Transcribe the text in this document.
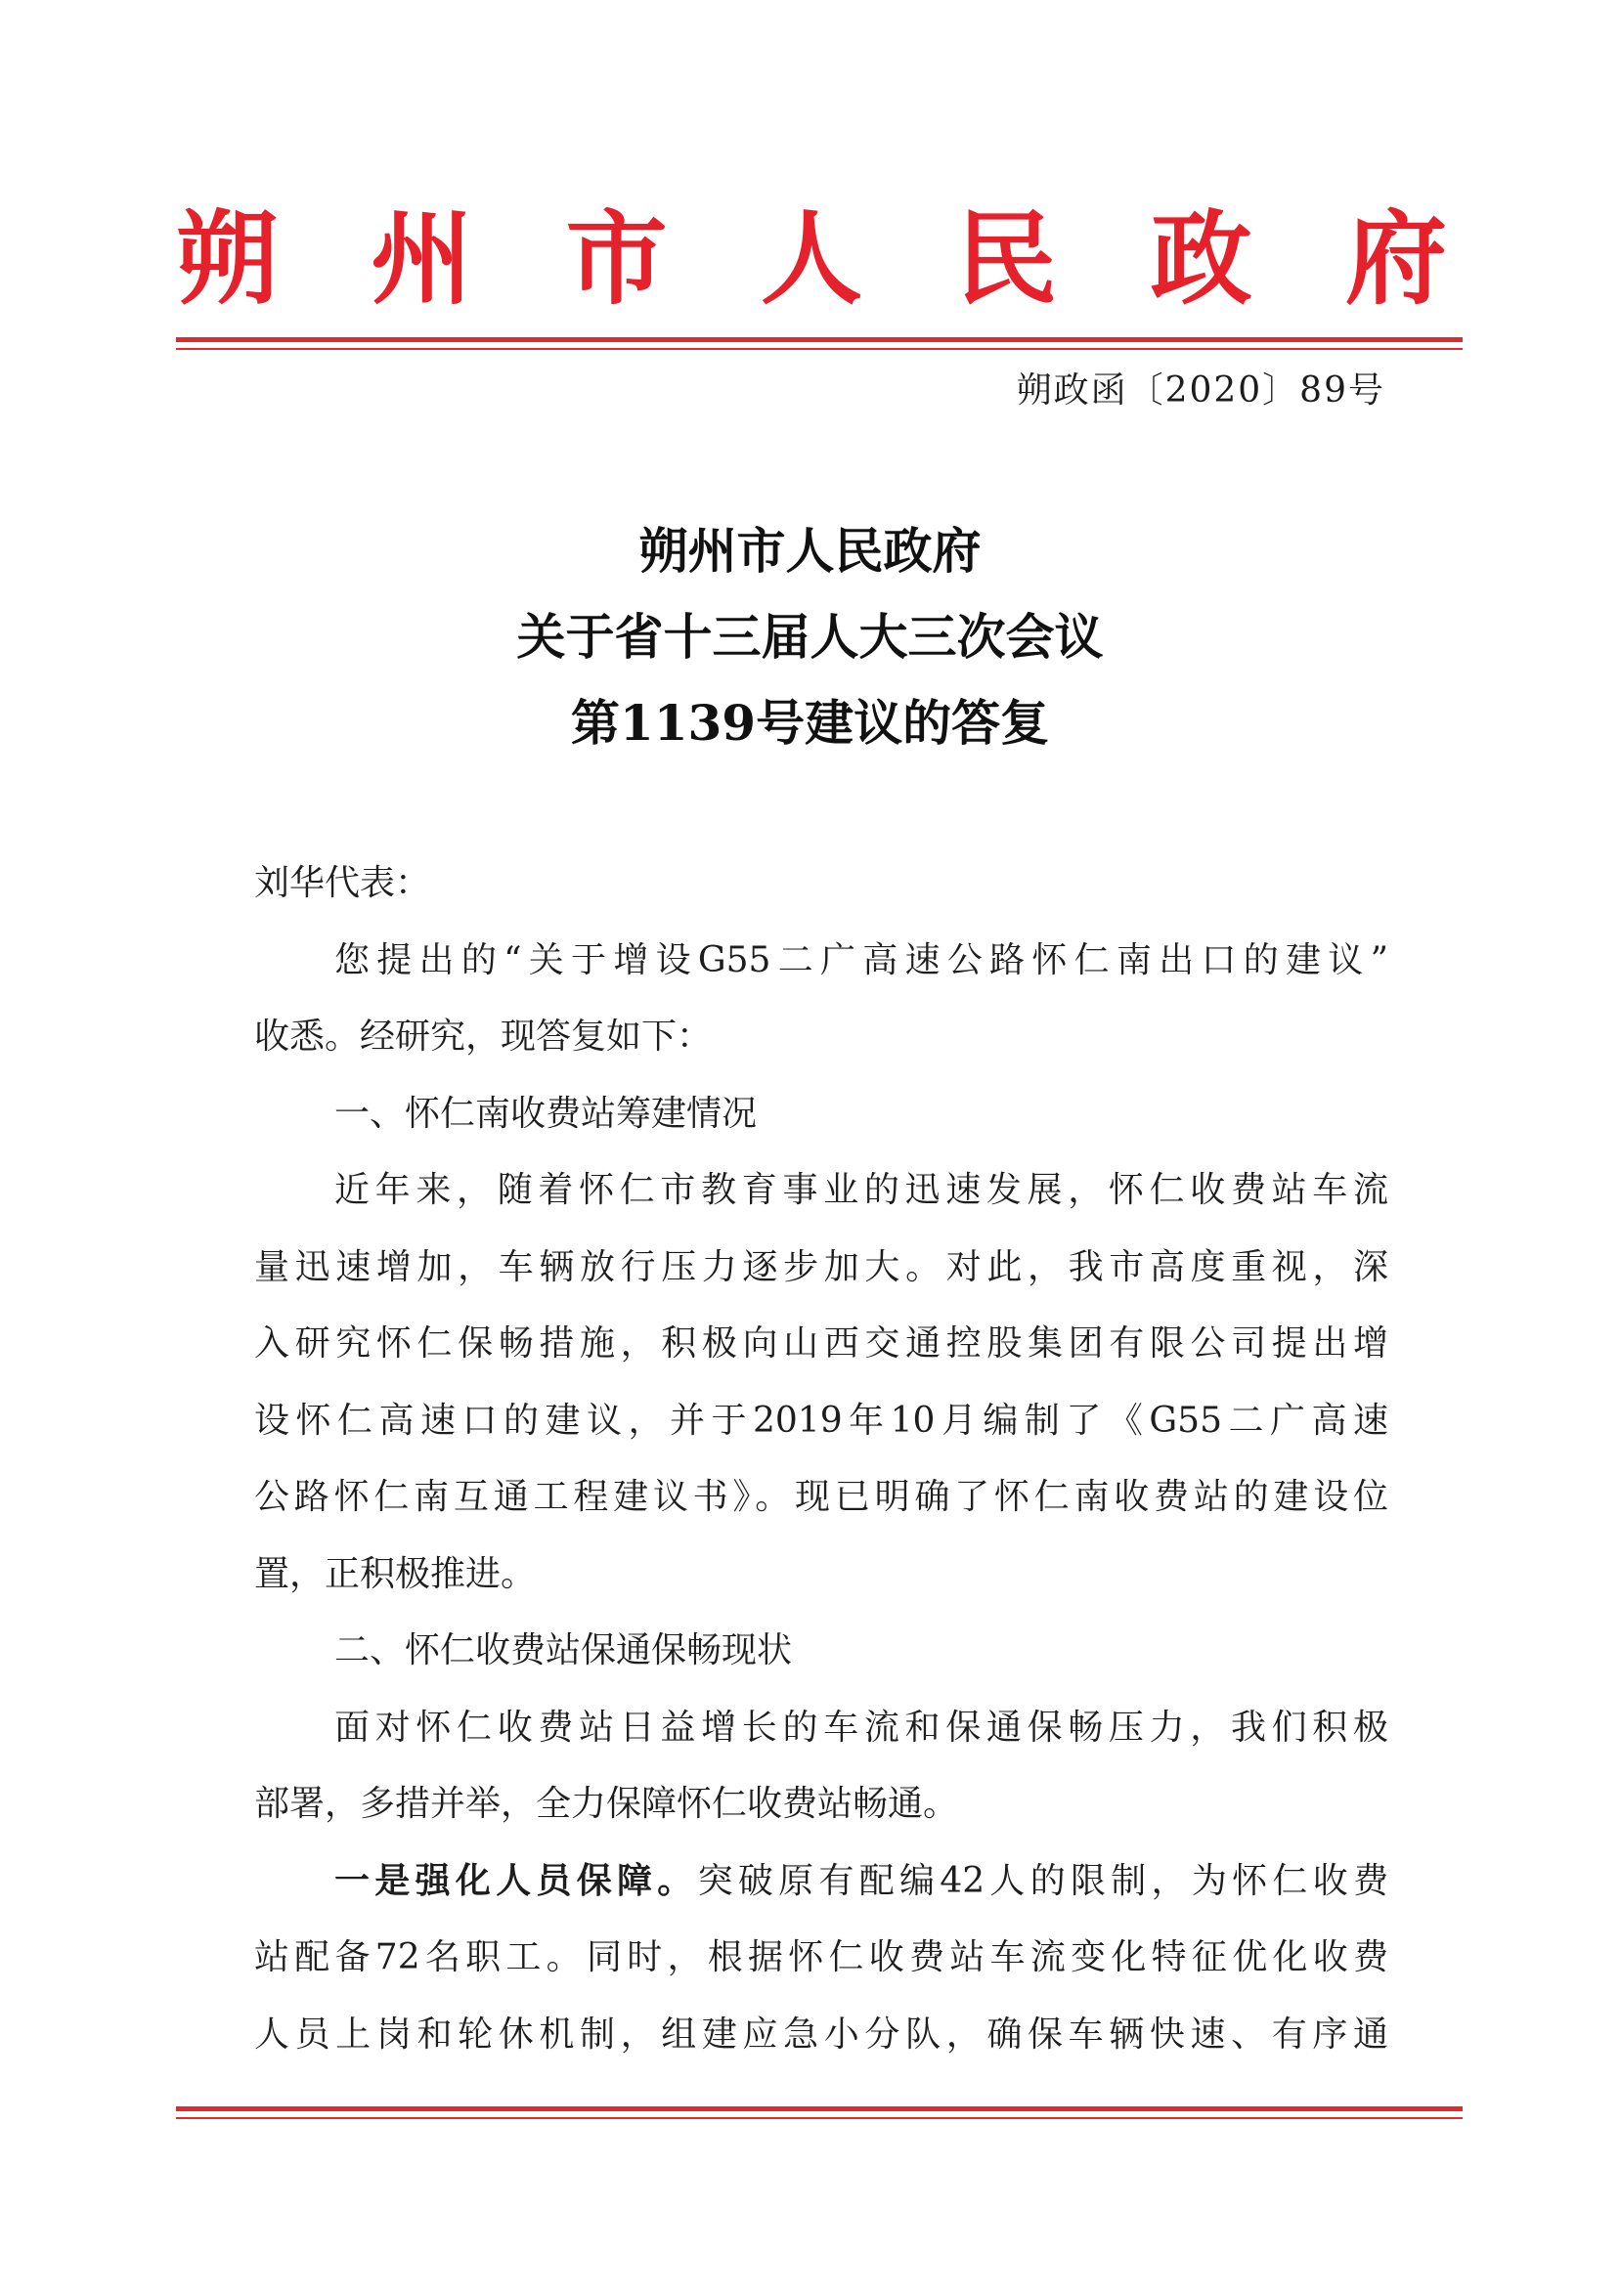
朔 州 市 人 民 政 府
朔政函〔2020〕89号
朔州市人民政府
关于省十三届人大三次会议
第1139号建议的答复
刘华代表：
您提出的“关于增设G55二广高速公路怀仁南出口的建议”
收悉。经研究，现答复如下：
一、怀仁南收费站筹建情况
近年来，随着怀仁市教育事业的迅速发展，怀仁收费站车流
量迅速增加，车辆放行压力逐步加大。对此，我市高度重视，深
入研究怀仁保畅措施，积极向山西交通控股集团有限公司提出增
设怀仁高速口的建议，并于2019年10月编制了《G55二广高速
公路怀仁南互通工程建议书》。现已明确了怀仁南收费站的建设位
置，正积极推进。
二、怀仁收费站保通保畅现状
面对怀仁收费站日益增长的车流和保通保畅压力，我们积极
部署，多措并举，全力保障怀仁收费站畅通。
一是强化人员保障。突破原有配编42人的限制，为怀仁收费
站配备72名职工。同时，根据怀仁收费站车流变化特征优化收费
人员上岗和轮休机制，组建应急小分队，确保车辆快速、有序通
